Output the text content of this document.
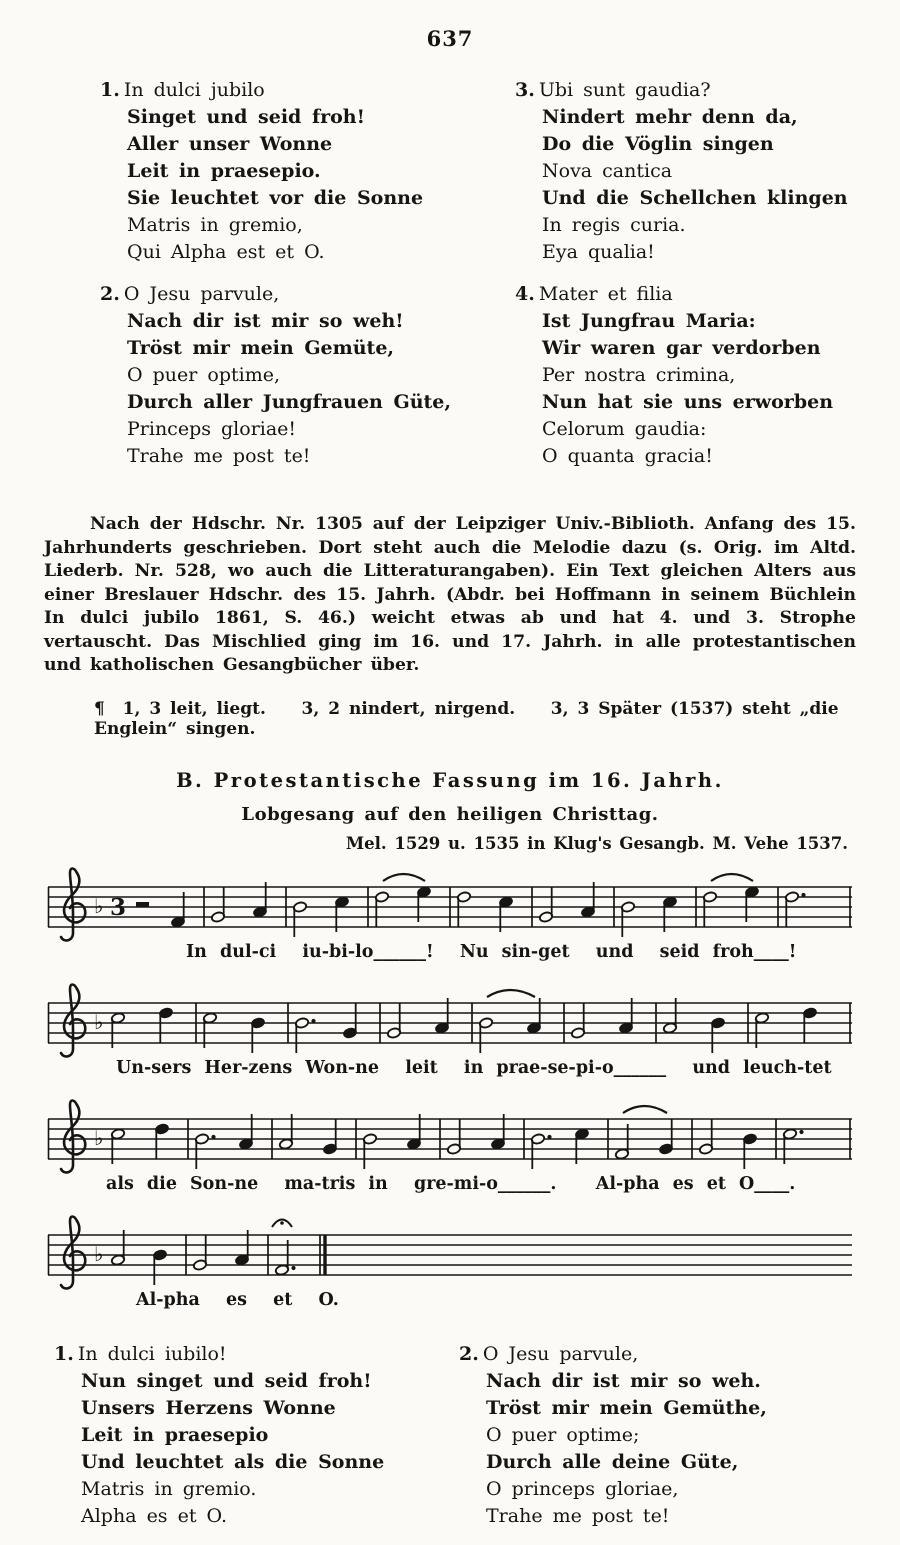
637
1. In dulci jubilo
Singet und seid froh!
Aller unser Wonne
Leit in praesepio.
Sie leuchtet vor die Sonne
Matris in gremio,
Qui Alpha est et O.
2. O Jesu parvule,
Nach dir ist mir so weh!
Tröst mir mein Gemüte,
O puer optime,
Durch aller Jungfrauen Güte,
Princeps gloriae!
Trahe me post te!
3. Ubi sunt gaudia?
Nindert mehr denn da,
Do die Vöglin singen
Nova cantica
Und die Schellchen klingen
In regis curia.
Eya qualia!
4. Mater et filia
Ist Jungfrau Maria:
Wir waren gar verdorben
Per nostra crimina,
Nun hat sie uns erworben
Celorum gaudia:
O quanta gracia!

Nach der Hdschr. Nr. 1305 auf der Leipziger Univ.-Biblioth. Anfang des 15. Jahrhunderts geschrieben. Dort steht auch die Melodie dazu (s. Orig. im Altd. Liederb. Nr. 528, wo auch die Litteraturangaben). Ein Text gleichen Alters aus einer Breslauer Hdschr. des 15. Jahrh. (Abdr. bei Hoffmann in seinem Büchlein In dulci jubilo 1861, S. 46.) weicht etwas ab und hat 4. und 3. Strophe vertauscht. Das Mischlied ging im 16. und 17. Jahrh. in alle protestantischen und katholischen Gesangbücher über.

¶  1, 3 leit, liegt.    3, 2 nindert, nirgend.    3, 3 Später (1537) steht „die Englein“ singen.
B. Protestantische Fassung im 16. Jahrh.
Lobgesang auf den heiligen Christtag.
Mel. 1529 u. 1535 in Klug's Gesangb. M. Vehe 1537.
♭ 3
In dul-ci  iu-bi-lo______!  Nu sin-get  und  seid froh____!
♭
Un-sers Her-zens Won-ne  leit  in prae-se-pi-o______  und leuch-tet
♭
als die Son-ne  ma-tris in  gre-mi-o______.   Al-pha es et O____.
♭
Al-pha  es  et  O.
1. In dulci iubilo!
Nun singet und seid froh!
Unsers Herzens Wonne
Leit in praesepio
Und leuchtet als die Sonne
Matris in gremio.
Alpha es et O.
2. O Jesu parvule,
Nach dir ist mir so weh.
Tröst mir mein Gemüthe,
O puer optime;
Durch alle deine Güte,
O princeps gloriae,
Trahe me post te!
